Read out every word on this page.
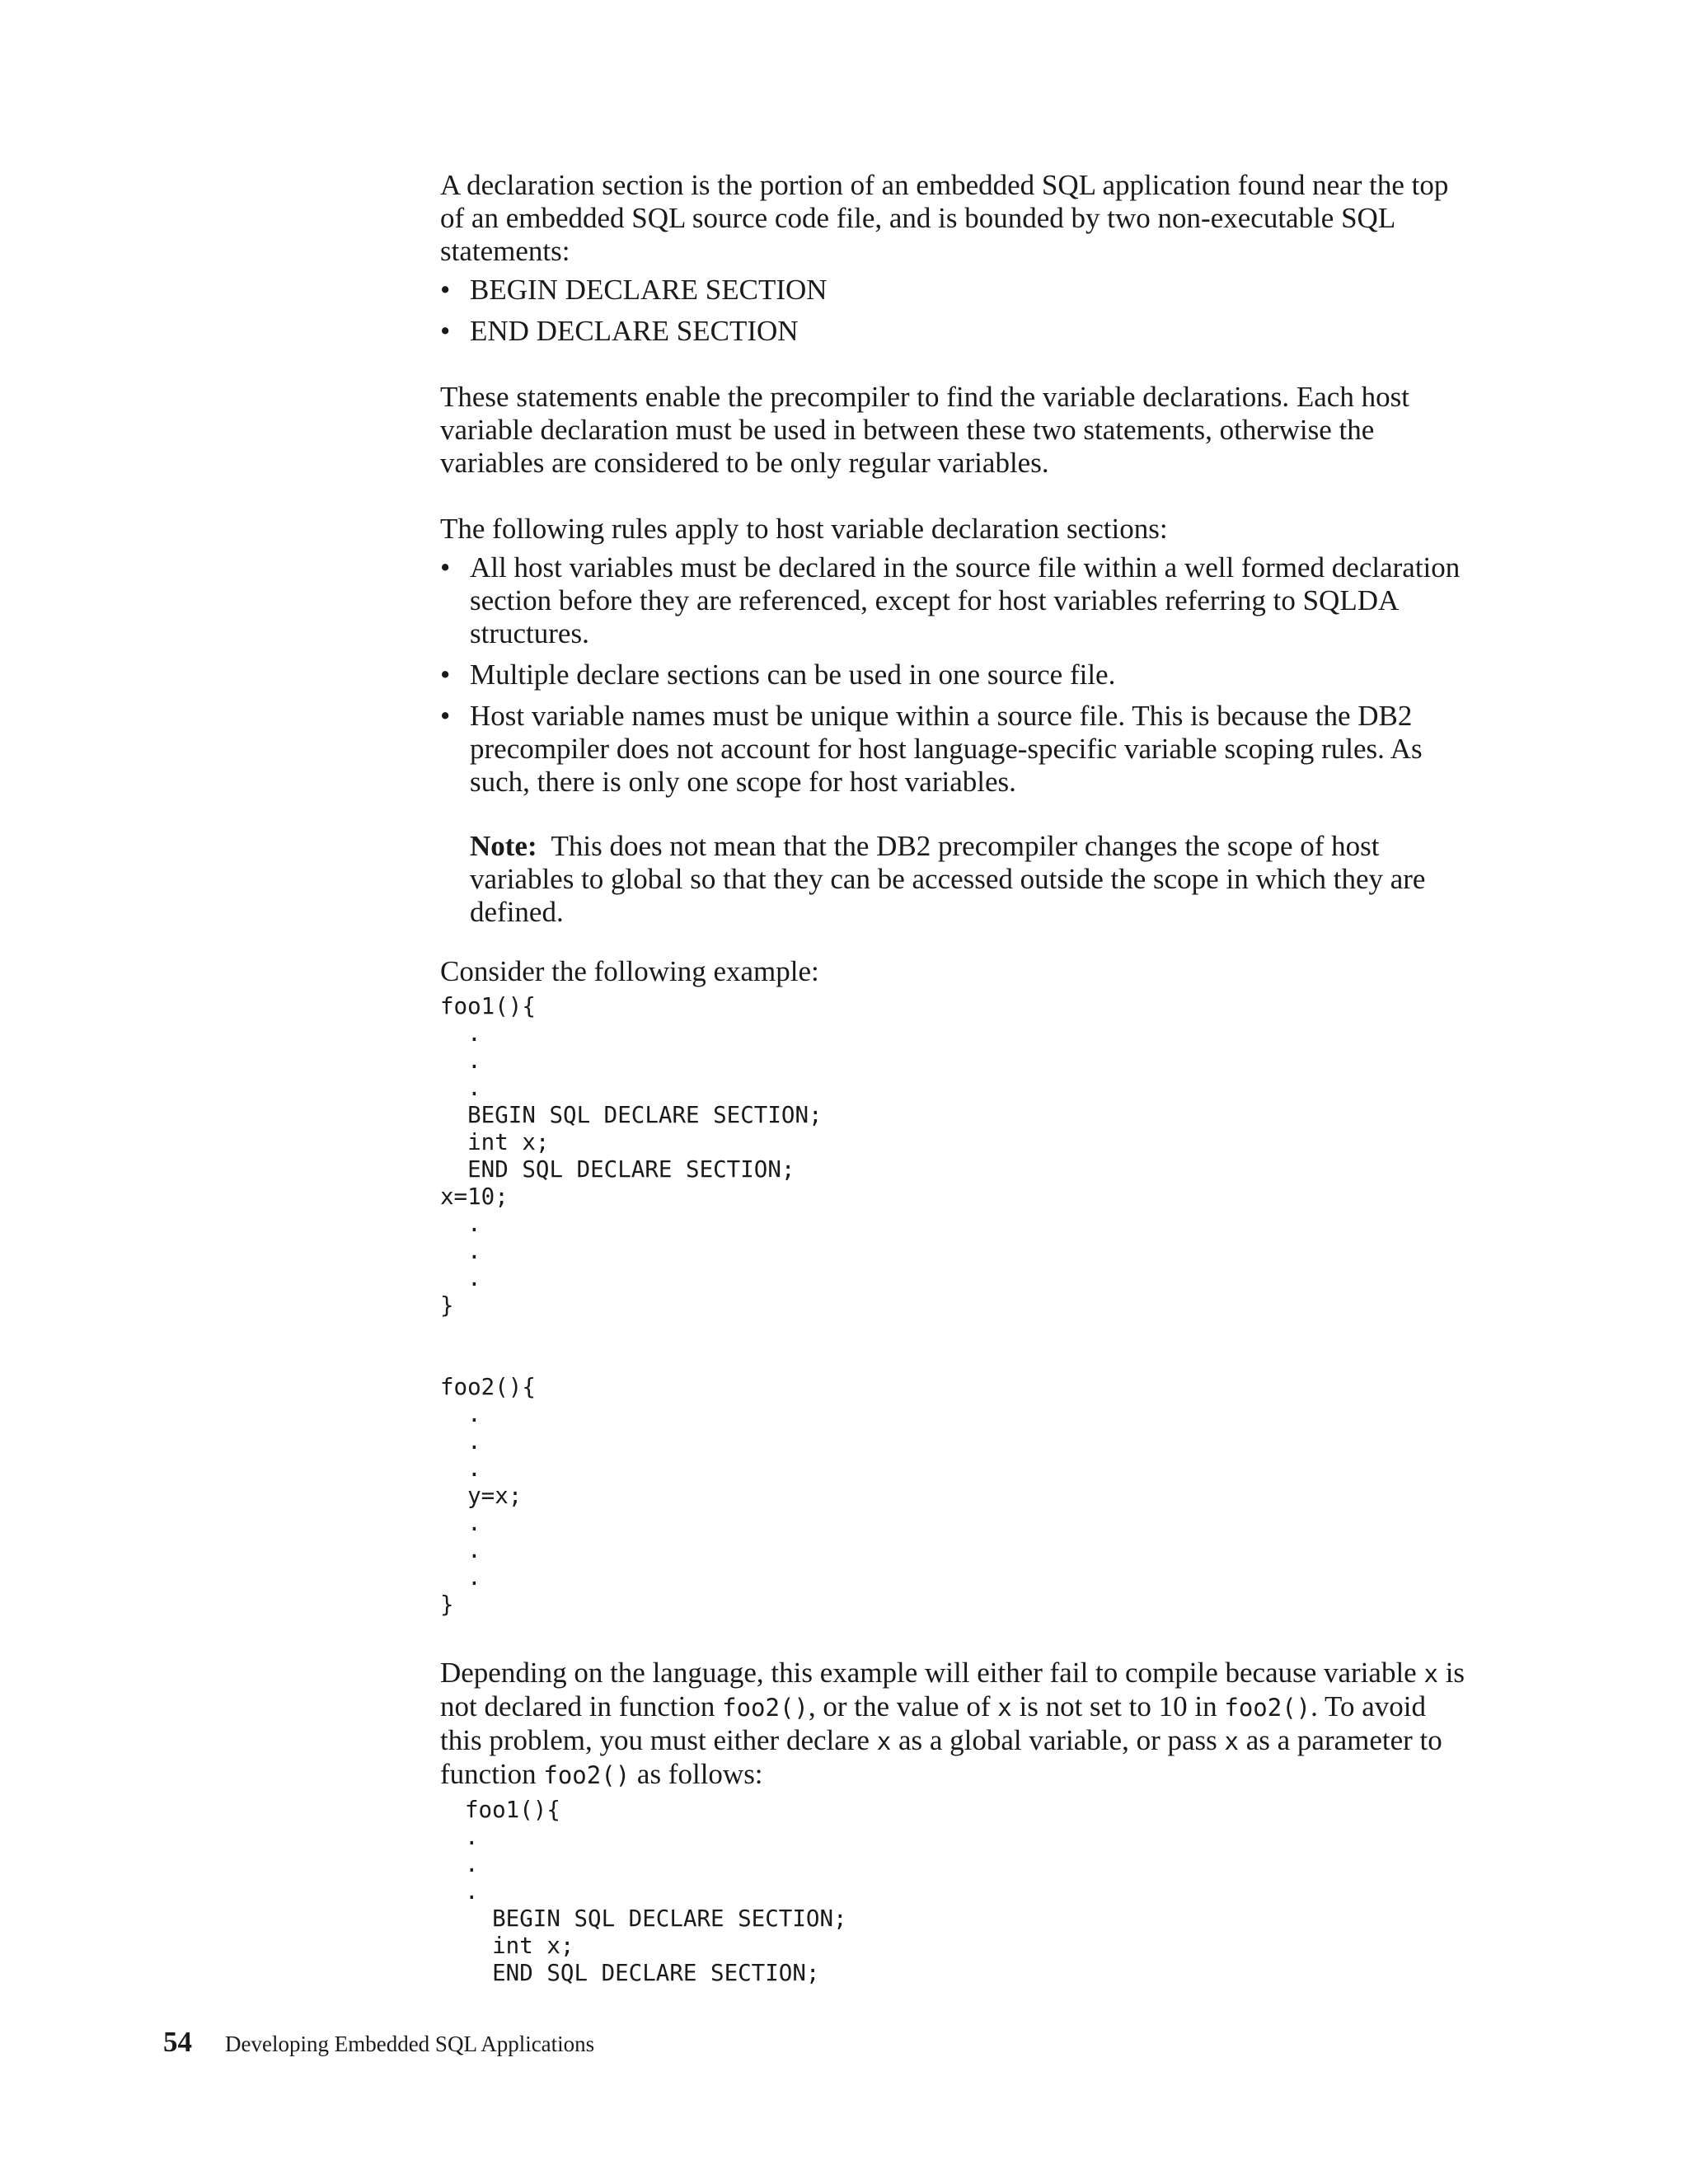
A declaration section is the portion of an embedded SQL application found near the top of an embedded SQL source code file, and is bounded by two non-executable SQL statements:

• BEGIN DECLARE SECTION
• END DECLARE SECTION

These statements enable the precompiler to find the variable declarations. Each host variable declaration must be used in between these two statements, otherwise the variables are considered to be only regular variables.

The following rules apply to host variable declaration sections:

• All host variables must be declared in the source file within a well formed declaration section before they are referenced, except for host variables referring to SQLDA structures.
• Multiple declare sections can be used in one source file.
• Host variable names must be unique within a source file. This is because the DB2 precompiler does not account for host language-specific variable scoping rules. As such, there is only one scope for host variables.

Note: This does not mean that the DB2 precompiler changes the scope of host variables to global so that they can be accessed outside the scope in which they are defined.

Consider the following example:

foo1(){
.
.
.
BEGIN SQL DECLARE SECTION;
int x;
END SQL DECLARE SECTION;
x=10;
.
.
.
}

foo2(){
.
.
.
y=x;
.
.
.
}

Depending on the language, this example will either fail to compile because variable x is not declared in function foo2(), or the value of x is not set to 10 in foo2(). To avoid this problem, you must either declare x as a global variable, or pass x as a parameter to function foo2() as follows:

foo1(){
.
.
.
BEGIN SQL DECLARE SECTION;
int x;
END SQL DECLARE SECTION;
54 Developing Embedded SQL Applications
